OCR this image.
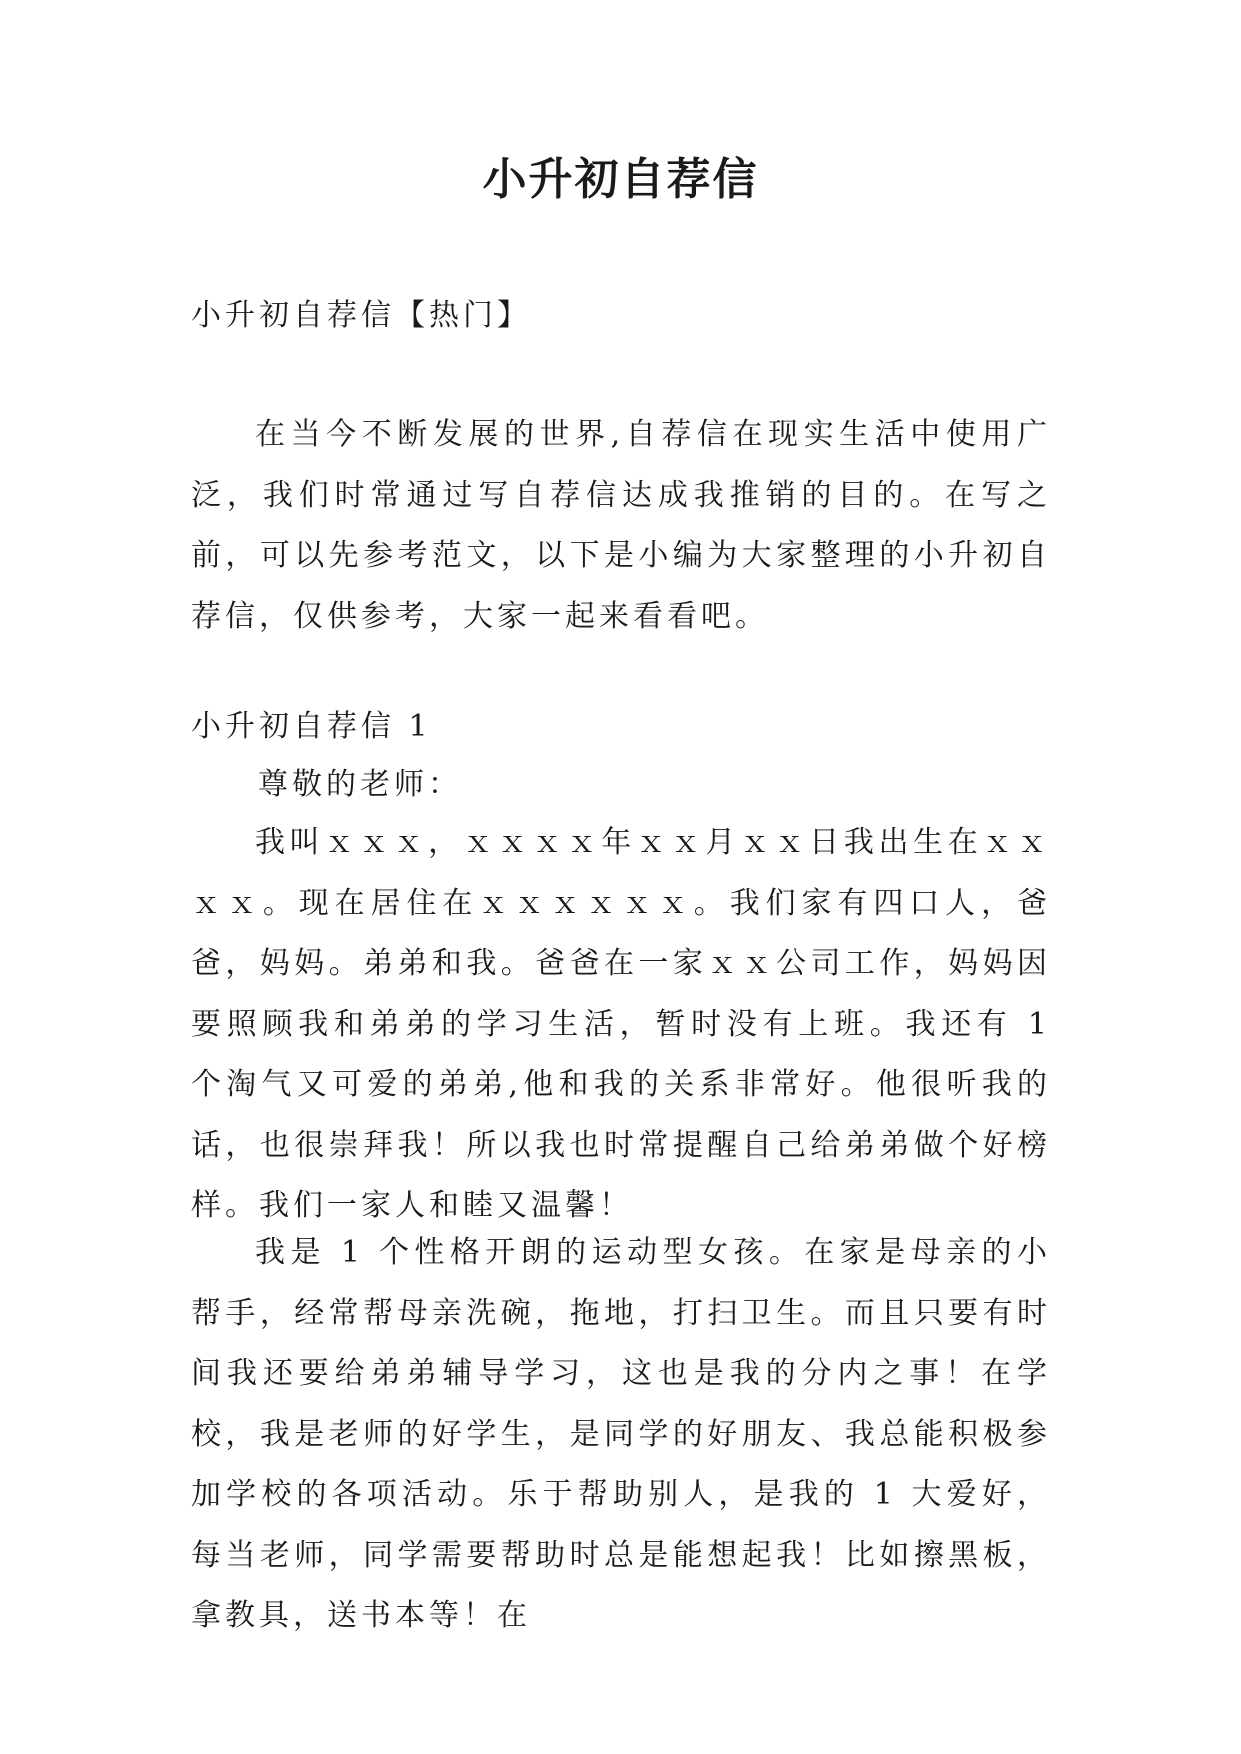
小升初自荐信
小升初自荐信【热门】

在当今不断发展的世界,自荐信在现实生活中使用广泛，我们时常通过写自荐信达成我推销的目的。在写之前，可以先参考范文，以下是小编为大家整理的小升初自荐信，仅供参考，大家一起来看看吧。

小升初自荐信 1
尊敬的老师：

我叫ｘｘｘ，ｘｘｘｘ年ｘｘ月ｘｘ日我出生在ｘｘｘｘ。现在居住在ｘｘｘｘｘｘ。我们家有四口人，爸爸，妈妈。弟弟和我。爸爸在一家ｘｘ公司工作，妈妈因要照顾我和弟弟的学习生活，暂时没有上班。我还有 1 个淘气又可爱的弟弟,他和我的关系非常好。他很听我的话，也很崇拜我！所以我也时常提醒自己给弟弟做个好榜样。我们一家人和睦又温馨！

我是 1 个性格开朗的运动型女孩。在家是母亲的小帮手，经常帮母亲洗碗，拖地，打扫卫生。而且只要有时间我还要给弟弟辅导学习，这也是我的分内之事！在学校，我是老师的好学生，是同学的好朋友、我总能积极参加学校的各项活动。乐于帮助别人，是我的 1 大爱好，每当老师，同学需要帮助时总是能想起我！比如擦黑板，拿教具，送书本等！在
